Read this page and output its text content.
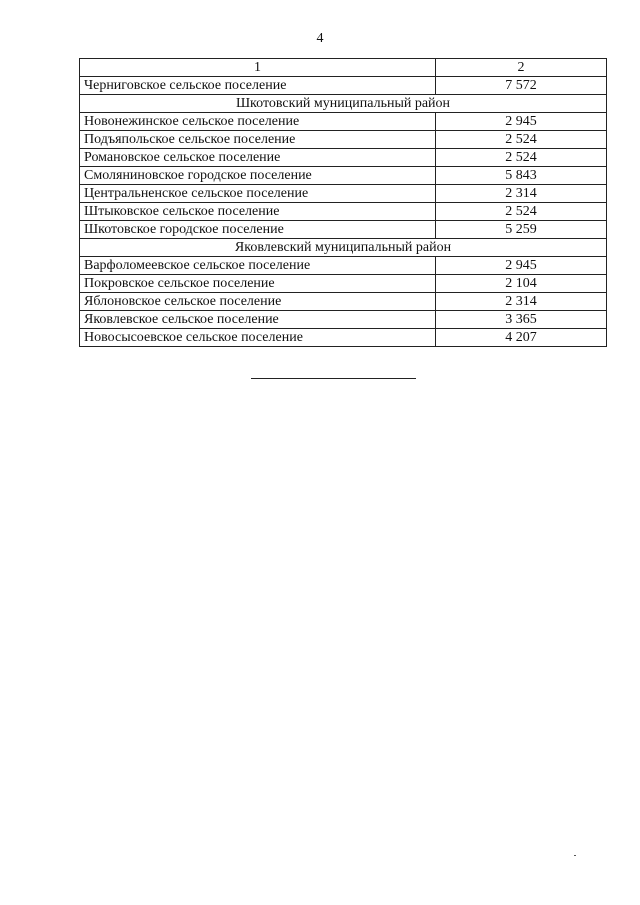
4
1	2
Черниговское сельское поселение	7 572
Шкотовский муниципальный район	
Новонежинское сельское поселение	2 945
Подъяпольское сельское поселение	2 524
Романовское сельское поселение	2 524
Смоляниновское городское поселение	5 843
Центральненское сельское поселение	2 314
Штыковское сельское поселение	2 524
Шкотовское городское поселение	5 259
Яковлевский муниципальный район	
Варфоломеевское сельское поселение	2 945
Покровское сельское поселение	2 104
Яблоновское сельское поселение	2 314
Яковлевское сельское поселение	3 365
Новосысоевское сельское поселение	4 207
